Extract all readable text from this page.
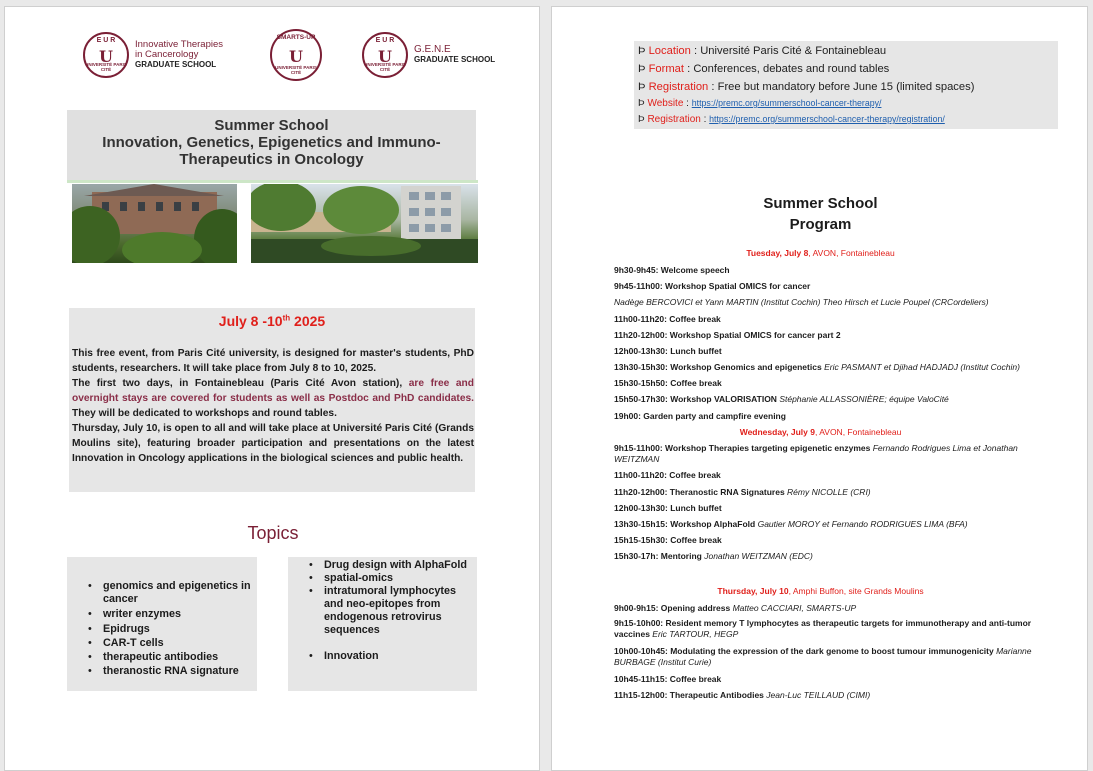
E U R
U
UNIVERSITÉ PARIS CITÉ
Innovative Therapies
in Cancerology
GRADUATE SCHOOL
SMARTS-UP
U
UNIVERSITÉ PARIS CITÉ
E U R
U
UNIVERSITÉ PARIS CITÉ
G.E.N.E
GRADUATE SCHOOL
Summer School
Innovation, Genetics, Epigenetics and Immuno-
Therapeutics in Oncology
July 8 -10th 2025
This free event, from Paris Cité university, is designed for master's students, PhD students, researchers. It will take place from July 8 to 10, 2025.
The first two days, in Fontainebleau (Paris Cité Avon station), are free and overnight stays are covered for students as well as Postdoc and PhD candidates. They will be dedicated to workshops and round tables.
Thursday, July 10, is open to all and will take place at Université Paris Cité (Grands Moulins site), featuring broader participation and presentations on the latest Innovation in Oncology applications in the biological sciences and public health.
Topics
• genomics and epigenetics in cancer
• writer enzymes
• Epidrugs
• CAR-T cells
• therapeutic antibodies
• theranostic RNA signature
• Drug design with AlphaFold
• spatial-omics
• intratumoral lymphocytes and neo-epitopes from endogenous retrovirus sequences
• Innovation
Þ Location : Université Paris Cité & Fontainebleau
Þ Format : Conferences, debates and round tables
Þ Registration : Free but mandatory before June 15 (limited spaces)
Þ Website : https://premc.org/summerschool-cancer-therapy/
Þ Registration : https://premc.org/summerschool-cancer-therapy/registration/
Summer School
Program
Tuesday, July 8, AVON, Fontainebleau
9h30-9h45: Welcome speech
9h45-11h00: Workshop Spatial OMICS for cancer
Nadège BERCOVICI et Yann MARTIN (Institut Cochin) Theo Hirsch et Lucie Poupel (CRCordeliers)
11h00-11h20: Coffee break
11h20-12h00: Workshop Spatial OMICS for cancer part 2
12h00-13h30: Lunch buffet
13h30-15h30: Workshop Genomics and epigenetics Eric PASMANT et Djihad HADJADJ (Institut Cochin)
15h30-15h50: Coffee break
15h50-17h30: Workshop VALORISATION Stéphanie ALLASSONIÈRE; équipe ValoCité
19h00: Garden party and campfire evening
Wednesday, July 9, AVON, Fontainebleau
9h15-11h00: Workshop Therapies targeting epigenetic enzymes Fernando Rodrigues Lima et Jonathan WEITZMAN
11h00-11h20: Coffee break
11h20-12h00: Theranostic RNA Signatures Rémy NICOLLE (CRI)
12h00-13h30: Lunch buffet
13h30-15h15: Workshop AlphaFold Gautier MOROY et Fernando RODRIGUES LIMA (BFA)
15h15-15h30: Coffee break
15h30-17h: Mentoring Jonathan WEITZMAN (EDC)
Thursday, July 10, Amphi Buffon, site Grands Moulins
9h00-9h15: Opening address Matteo CACCIARI, SMARTS-UP
9h15-10h00: Resident memory T lymphocytes as therapeutic targets for immunotherapy and anti-tumor vaccines Eric TARTOUR, HEGP
10h00-10h45: Modulating the expression of the dark genome to boost tumour immunogenicity Marianne BURBAGE (Institut Curie)
10h45-11h15: Coffee break
11h15-12h00: Therapeutic Antibodies Jean-Luc TEILLAUD (CIMI)
